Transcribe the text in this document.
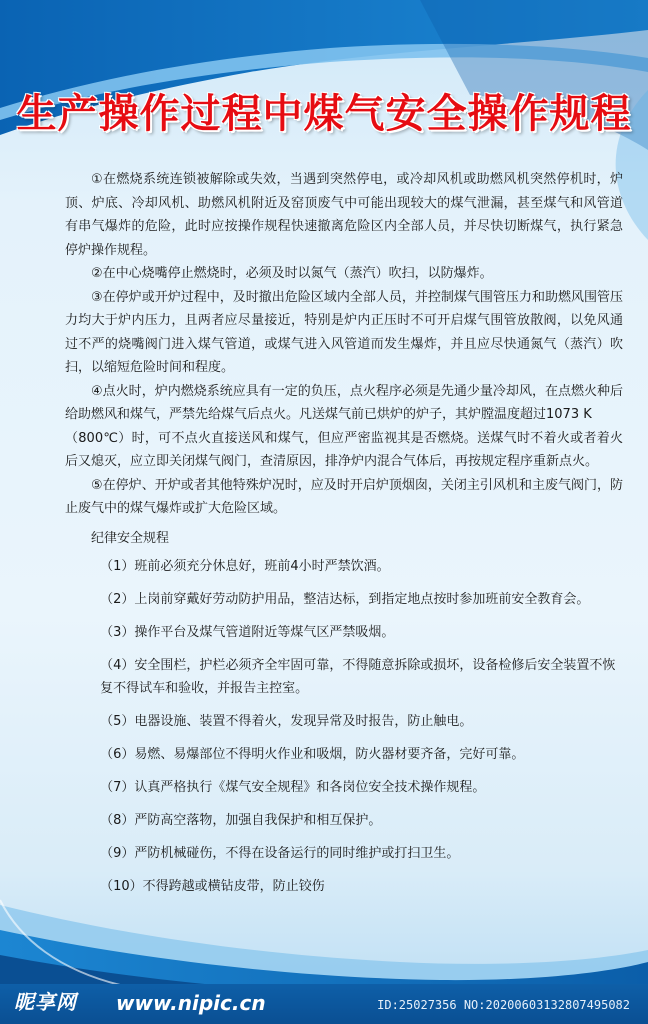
生产操作过程中煤气安全操作规程

①在燃烧系统连锁被解除或失效，当遇到突然停电，或冷却风机或助燃风机突然停机时，炉顶、炉底、冷却风机、助燃风机附近及窑顶废气中可能出现较大的煤气泄漏，甚至煤气和风管道有串气爆炸的危险，此时应按操作规程快速撤离危险区内全部人员，并尽快切断煤气，执行紧急停炉操作规程。

②在中心烧嘴停止燃烧时，必须及时以氮气（蒸汽）吹扫，以防爆炸。

③在停炉或开炉过程中，及时撤出危险区域内全部人员，并控制煤气围管压力和助燃风围管压力均大于炉内压力，且两者应尽量接近，特别是炉内正压时不可开启煤气围管放散阀，以免风通过不严的烧嘴阀门进入煤气管道，或煤气进入风管道而发生爆炸，并且应尽快通氮气（蒸汽）吹扫，以缩短危险时间和程度。

④点火时，炉内燃烧系统应具有一定的负压，点火程序必须是先通少量冷却风，在点燃火种后给助燃风和煤气，严禁先给煤气后点火。凡送煤气前已烘炉的炉子，其炉膛温度超过1073 K

（800℃）时，可不点火直接送风和煤气，但应严密监视其是否燃烧。送煤气时不着火或者着火后又熄灭，应立即关闭煤气阀门，查清原因，排净炉内混合气体后，再按规定程序重新点火。

⑤在停炉、开炉或者其他特殊炉况时，应及时开启炉顶烟囱，关闭主引风机和主废气阀门，防止废气中的煤气爆炸或扩大危险区域。

纪律安全规程

（1）班前必须充分休息好，班前4小时严禁饮酒。

（2）上岗前穿戴好劳动防护用品，整洁达标，到指定地点按时参加班前安全教育会。

（3）操作平台及煤气管道附近等煤气区严禁吸烟。

（4）安全围栏，护栏必须齐全牢固可靠，不得随意拆除或损坏，设备检修后安全装置不恢复不得试车和验收，并报告主控室。

（5）电器设施、装置不得着火，发现异常及时报告，防止触电。

（6）易燃、易爆部位不得明火作业和吸烟，防火器材要齐备，完好可靠。

（7）认真严格执行《煤气安全规程》和各岗位安全技术操作规程。

（8）严防高空落物，加强自我保护和相互保护。

（9）严防机械碰伤，不得在设备运行的同时维护或打扫卫生。

（10）不得跨越或横钻皮带，防止铰伤

昵享网 www.nipic.cn	ID:25027356 NO:20200603132807495082
